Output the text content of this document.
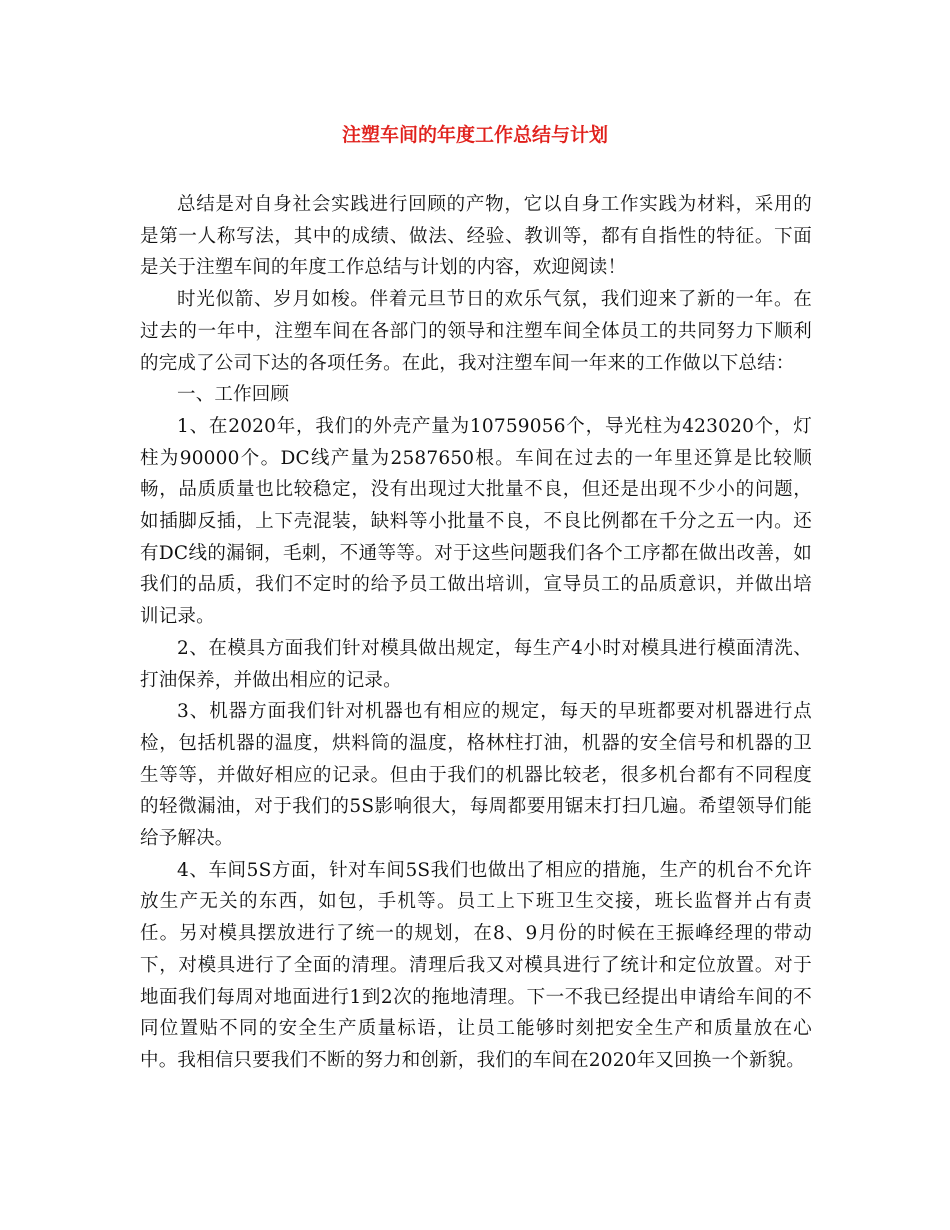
注塑车间的年度工作总结与计划

总结是对自身社会实践进行回顾的产物，它以自身工作实践为材料，采用的是第一人称写法，其中的成绩、做法、经验、教训等，都有自指性的特征。下面是关于注塑车间的年度工作总结与计划的内容，欢迎阅读！

时光似箭、岁月如梭。伴着元旦节日的欢乐气氛，我们迎来了新的一年。在过去的一年中，注塑车间在各部门的领导和注塑车间全体员工的共同努力下顺利的完成了公司下达的各项任务。在此，我对注塑车间一年来的工作做以下总结：

一、工作回顾

1、在2020年，我们的外壳产量为10759056个，导光柱为423020个，灯柱为90000个。DC线产量为2587650根。车间在过去的一年里还算是比较顺畅，品质质量也比较稳定，没有出现过大批量不良，但还是出现不少小的问题，如插脚反插，上下壳混装，缺料等小批量不良，不良比例都在千分之五一内。还有DC线的漏铜，毛刺，不通等等。对于这些问题我们各个工序都在做出改善，如我们的品质，我们不定时的给予员工做出培训，宣导员工的品质意识，并做出培训记录。

2、在模具方面我们针对模具做出规定，每生产4小时对模具进行模面清洗、打油保养，并做出相应的记录。

3、机器方面我们针对机器也有相应的规定，每天的早班都要对机器进行点检，包括机器的温度，烘料筒的温度，格林柱打油，机器的安全信号和机器的卫生等等，并做好相应的记录。但由于我们的机器比较老，很多机台都有不同程度的轻微漏油，对于我们的5S影响很大，每周都要用锯末打扫几遍。希望领导们能给予解决。

4、车间5S方面，针对车间5S我们也做出了相应的措施，生产的机台不允许放生产无关的东西，如包，手机等。员工上下班卫生交接，班长监督并占有责任。另对模具摆放进行了统一的规划，在8、9月份的时候在王振峰经理的带动下，对模具进行了全面的清理。清理后我又对模具进行了统计和定位放置。对于地面我们每周对地面进行1到2次的拖地清理。下一不我已经提出申请给车间的不同位置贴不同的安全生产质量标语，让员工能够时刻把安全生产和质量放在心中。我相信只要我们不断的努力和创新，我们的车间在2020年又回换一个新貌。
